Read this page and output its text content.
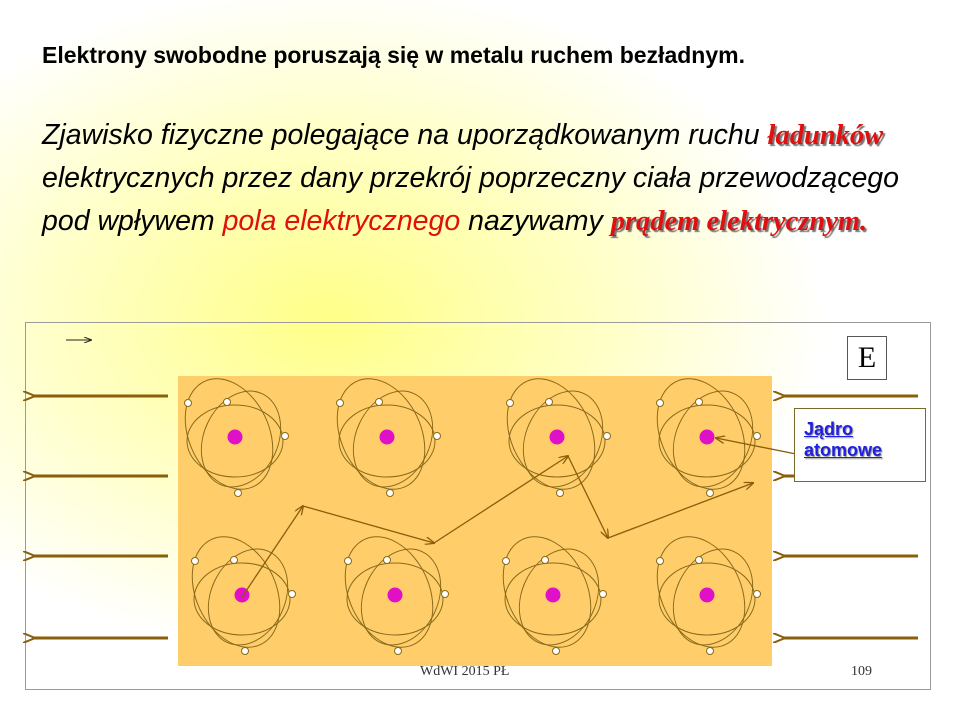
Elektrony swobodne poruszają się w metalu ruchem bezładnym.
Zjawisko fizyczne polegające na uporządkowanym ruchu ładunków elektrycznych przez dany przekrój poprzeczny ciała przewodzącego pod wpływem pola elektrycznego nazywamy prądem elektrycznym.
E
Jądro atomowe
WdWI 2015 PŁ	109
